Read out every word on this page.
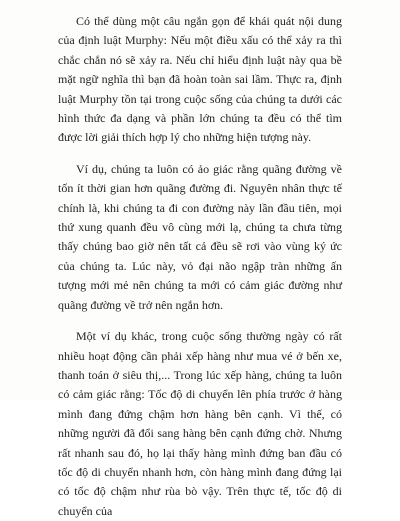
Có thể dùng một câu ngắn gọn để khái quát nội dung của định luật Murphy: Nếu một điều xấu có thể xảy ra thì chắc chắn nó sẽ xảy ra. Nếu chỉ hiểu định luật này qua bề mặt ngữ nghĩa thì bạn đã hoàn toàn sai lầm. Thực ra, định luật Murphy tồn tại trong cuộc sống của chúng ta dưới các hình thức đa dạng và phần lớn chúng ta đều có thể tìm được lời giải thích hợp lý cho những hiện tượng này.

Ví dụ, chúng ta luôn có ảo giác rằng quãng đường về tốn ít thời gian hơn quãng đường đi. Nguyên nhân thực tế chính là, khi chúng ta đi con đường này lần đầu tiên, mọi thứ xung quanh đều vô cùng mới lạ, chúng ta chưa từng thấy chúng bao giờ nên tất cả đều sẽ rơi vào vùng ký ức của chúng ta. Lúc này, vỏ đại não ngập tràn những ấn tượng mới mẻ nên chúng ta mới có cảm giác đường như quãng đường về trở nên ngắn hơn.

Một ví dụ khác, trong cuộc sống thường ngày có rất nhiều hoạt động cần phải xếp hàng như mua vé ở bến xe, thanh toán ở siêu thị,... Trong lúc xếp hàng, chúng ta luôn có cảm giác rằng: Tốc độ di chuyển lên phía trước ở hàng mình đang đứng chậm hơn hàng bên cạnh. Vì thế, có những người đã đổi sang hàng bên cạnh đứng chờ. Nhưng rất nhanh sau đó, họ lại thấy hàng mình đứng ban đầu có tốc độ di chuyển nhanh hơn, còn hàng mình đang đứng lại có tốc độ chậm như rùa bò vậy. Trên thực tế, tốc độ di chuyển của
